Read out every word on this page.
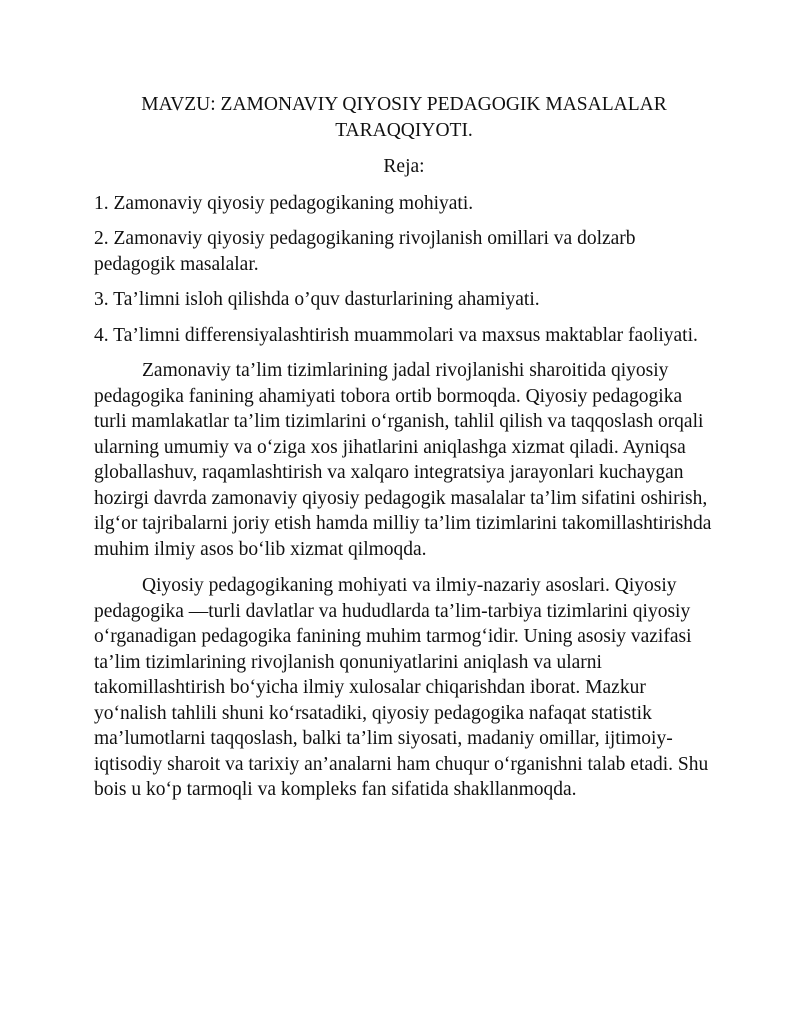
MAVZU: ZAMONAVIY QIYOSIY PEDAGOGIK MASALALAR TARAQQIYOTI.

Reja:

1. Zamonaviy qiyosiy pedagogikaning mohiyati.

2. Zamonaviy qiyosiy pedagogikaning rivojlanish omillari va dolzarb pedagogik masalalar.

3. Ta’limni isloh qilishda o’quv dasturlarining ahamiyati.

4. Ta’limni differensiyalashtirish muammolari va maxsus maktablar faoliyati.

Zamonaviy ta’lim tizimlarining jadal rivojlanishi sharoitida qiyosiy pedagogika fanining ahamiyati tobora ortib bormoqda. Qiyosiy pedagogika turli mamlakatlar ta’lim tizimlarini o‘rganish, tahlil qilish va taqqoslash orqali ularning umumiy va o‘ziga xos jihatlarini aniqlashga xizmat qiladi. Ayniqsa globallashuv, raqamlashtirish va xalqaro integratsiya jarayonlari kuchaygan hozirgi davrda zamonaviy qiyosiy pedagogik masalalar ta’lim sifatini oshirish, ilg‘or tajribalarni joriy etish hamda milliy ta’lim tizimlarini takomillashtirishda muhim ilmiy asos bo‘lib xizmat qilmoqda.

Qiyosiy pedagogikaning mohiyati va ilmiy-nazariy asoslari. Qiyosiy pedagogika —turli davlatlar va hududlarda ta’lim-tarbiya tizimlarini qiyosiy o‘rganadigan pedagogika fanining muhim tarmog‘idir. Uning asosiy vazifasi ta’lim tizimlarining rivojlanish qonuniyatlarini aniqlash va ularni takomillashtirish bo‘yicha ilmiy xulosalar chiqarishdan iborat. Mazkur yo‘nalish tahlili shuni ko‘rsatadiki, qiyosiy pedagogika nafaqat statistik ma’lumotlarni taqqoslash, balki ta’lim siyosati, madaniy omillar, ijtimoiy-iqtisodiy sharoit va tarixiy an’analarni ham chuqur o‘rganishni talab etadi. Shu bois u ko‘p tarmoqli va kompleks fan sifatida shakllanmoqda.
